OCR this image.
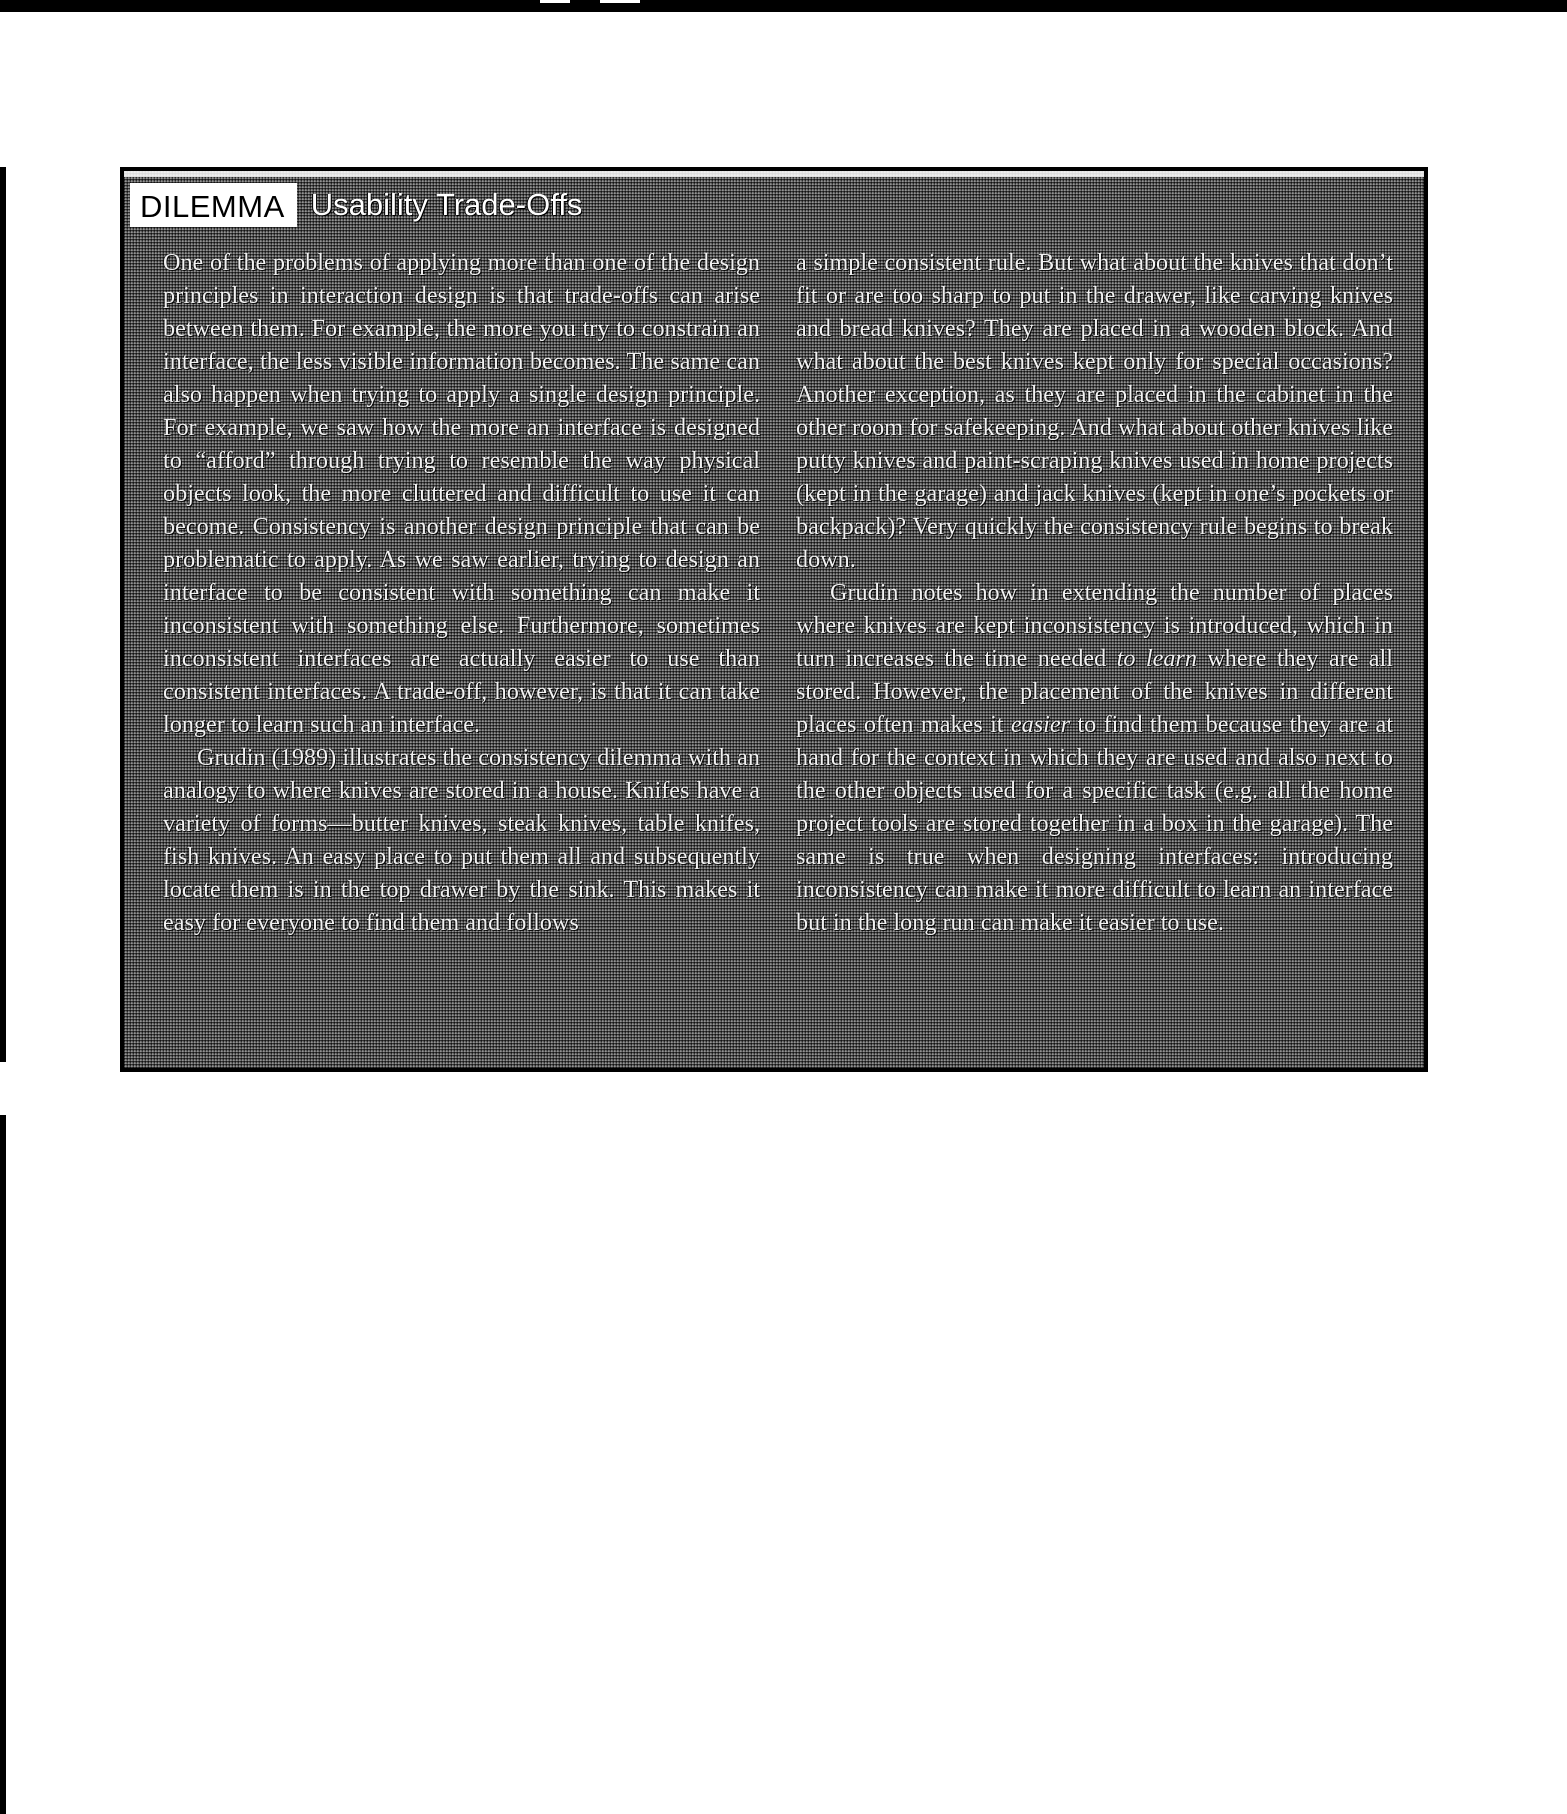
DILEMMA Usability Trade-Offs

One of the problems of applying more than one of the design principles in interaction design is that trade-offs can arise between them. For example, the more you try to constrain an interface, the less visible information becomes. The same can also happen when trying to apply a single design principle. For example, we saw how the more an interface is designed to “afford” through trying to resemble the way physical objects look, the more cluttered and difficult to use it can become. Consistency is another design principle that can be problematic to apply. As we saw earlier, trying to design an interface to be consistent with something can make it inconsistent with something else. Furthermore, sometimes inconsistent interfaces are actually easier to use than consistent interfaces. A trade-off, however, is that it can take longer to learn such an interface.

Grudin (1989) illustrates the consistency dilemma with an analogy to where knives are stored in a house. Knifes have a variety of forms—butter knives, steak knives, table knifes, fish knives. An easy place to put them all and subsequently locate them is in the top drawer by the sink. This makes it easy for everyone to find them and follows

a simple consistent rule. But what about the knives that don’t fit or are too sharp to put in the drawer, like carving knives and bread knives? They are placed in a wooden block. And what about the best knives kept only for special occasions? Another exception, as they are placed in the cabinet in the other room for safekeeping. And what about other knives like putty knives and paint-scraping knives used in home projects (kept in the garage) and jack knives (kept in one’s pockets or backpack)? Very quickly the consistency rule begins to break down.

Grudin notes how in extending the number of places where knives are kept inconsistency is introduced, which in turn increases the time needed to learn where they are all stored. However, the placement of the knives in different places often makes it easier to find them because they are at hand for the context in which they are used and also next to the other objects used for a specific task (e.g. all the home project tools are stored together in a box in the garage). The same is true when designing interfaces: introducing inconsistency can make it more difficult to learn an interface but in the long run can make it easier to use.
